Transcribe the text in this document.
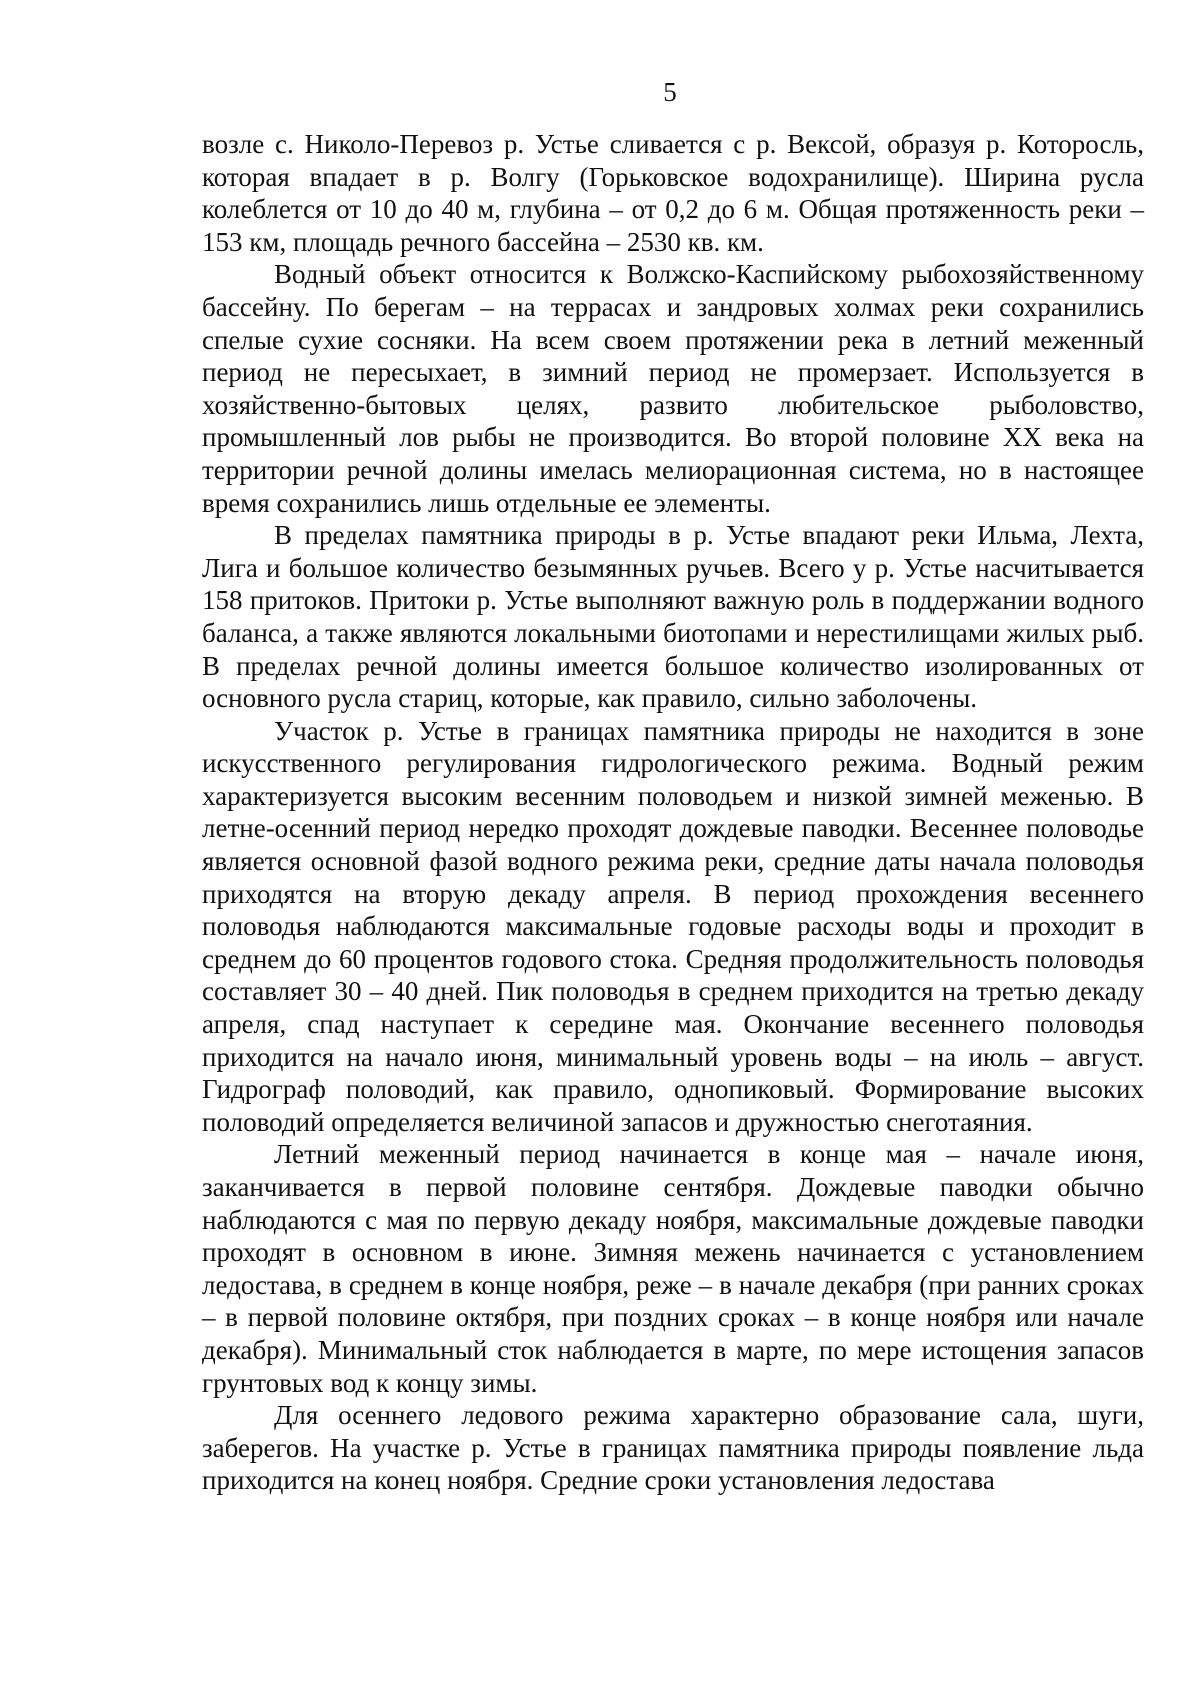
5

возле с. Николо-Перевоз р. Устье сливается с р. Вексой, образуя р. Которосль, которая впадает в р. Волгу (Горьковское водохранилище). Ширина русла колеблется от 10 до 40 м, глубина – от 0,2 до 6 м. Общая протяженность реки – 153 км, площадь речного бассейна – 2530 кв. км.

Водный объект относится к Волжско-Каспийскому рыбохозяйственному бассейну. По берегам – на террасах и зандровых холмах реки сохранились спелые сухие сосняки. На всем своем протяжении река в летний меженный период не пересыхает, в зимний период не промерзает. Используется в хозяйственно-бытовых целях, развито любительское рыболовство, промышленный лов рыбы не производится. Во второй половине XX века на территории речной долины имелась мелиорационная система, но в настоящее время сохранились лишь отдельные ее элементы.

В пределах памятника природы в р. Устье впадают реки Ильма, Лехта, Лига и большое количество безымянных ручьев. Всего у р. Устье насчитывается 158 притоков. Притоки р. Устье выполняют важную роль в поддержании водного баланса, а также являются локальными биотопами и нерестилищами жилых рыб. В пределах речной долины имеется большое количество изолированных от основного русла стариц, которые, как правило, сильно заболочены.

Участок р. Устье в границах памятника природы не находится в зоне искусственного регулирования гидрологического режима. Водный режим характеризуется высоким весенним половодьем и низкой зимней меженью. В летне-осенний период нередко проходят дождевые паводки. Весеннее половодье является основной фазой водного режима реки, средние даты начала половодья приходятся на вторую декаду апреля. В период прохождения весеннего половодья наблюдаются максимальные годовые расходы воды и проходит в среднем до 60 процентов годового стока. Средняя продолжительность половодья составляет 30 – 40 дней. Пик половодья в среднем приходится на третью декаду апреля, спад наступает к середине мая. Окончание весеннего половодья приходится на начало июня, минимальный уровень воды – на июль – август. Гидрограф половодий, как правило, однопиковый. Формирование высоких половодий определяется величиной запасов и дружностью снеготаяния.

Летний меженный период начинается в конце мая – начале июня, заканчивается в первой половине сентября. Дождевые паводки обычно наблюдаются с мая по первую декаду ноября, максимальные дождевые паводки проходят в основном в июне. Зимняя межень начинается с установлением ледостава, в среднем в конце ноября, реже – в начале декабря (при ранних сроках – в первой половине октября, при поздних сроках – в конце ноября или начале декабря). Минимальный сток наблюдается в марте, по мере истощения запасов грунтовых вод к концу зимы.

Для осеннего ледового режима характерно образование сала, шуги, заберегов. На участке р. Устье в границах памятника природы появление льда приходится на конец ноября. Средние сроки установления ледостава
